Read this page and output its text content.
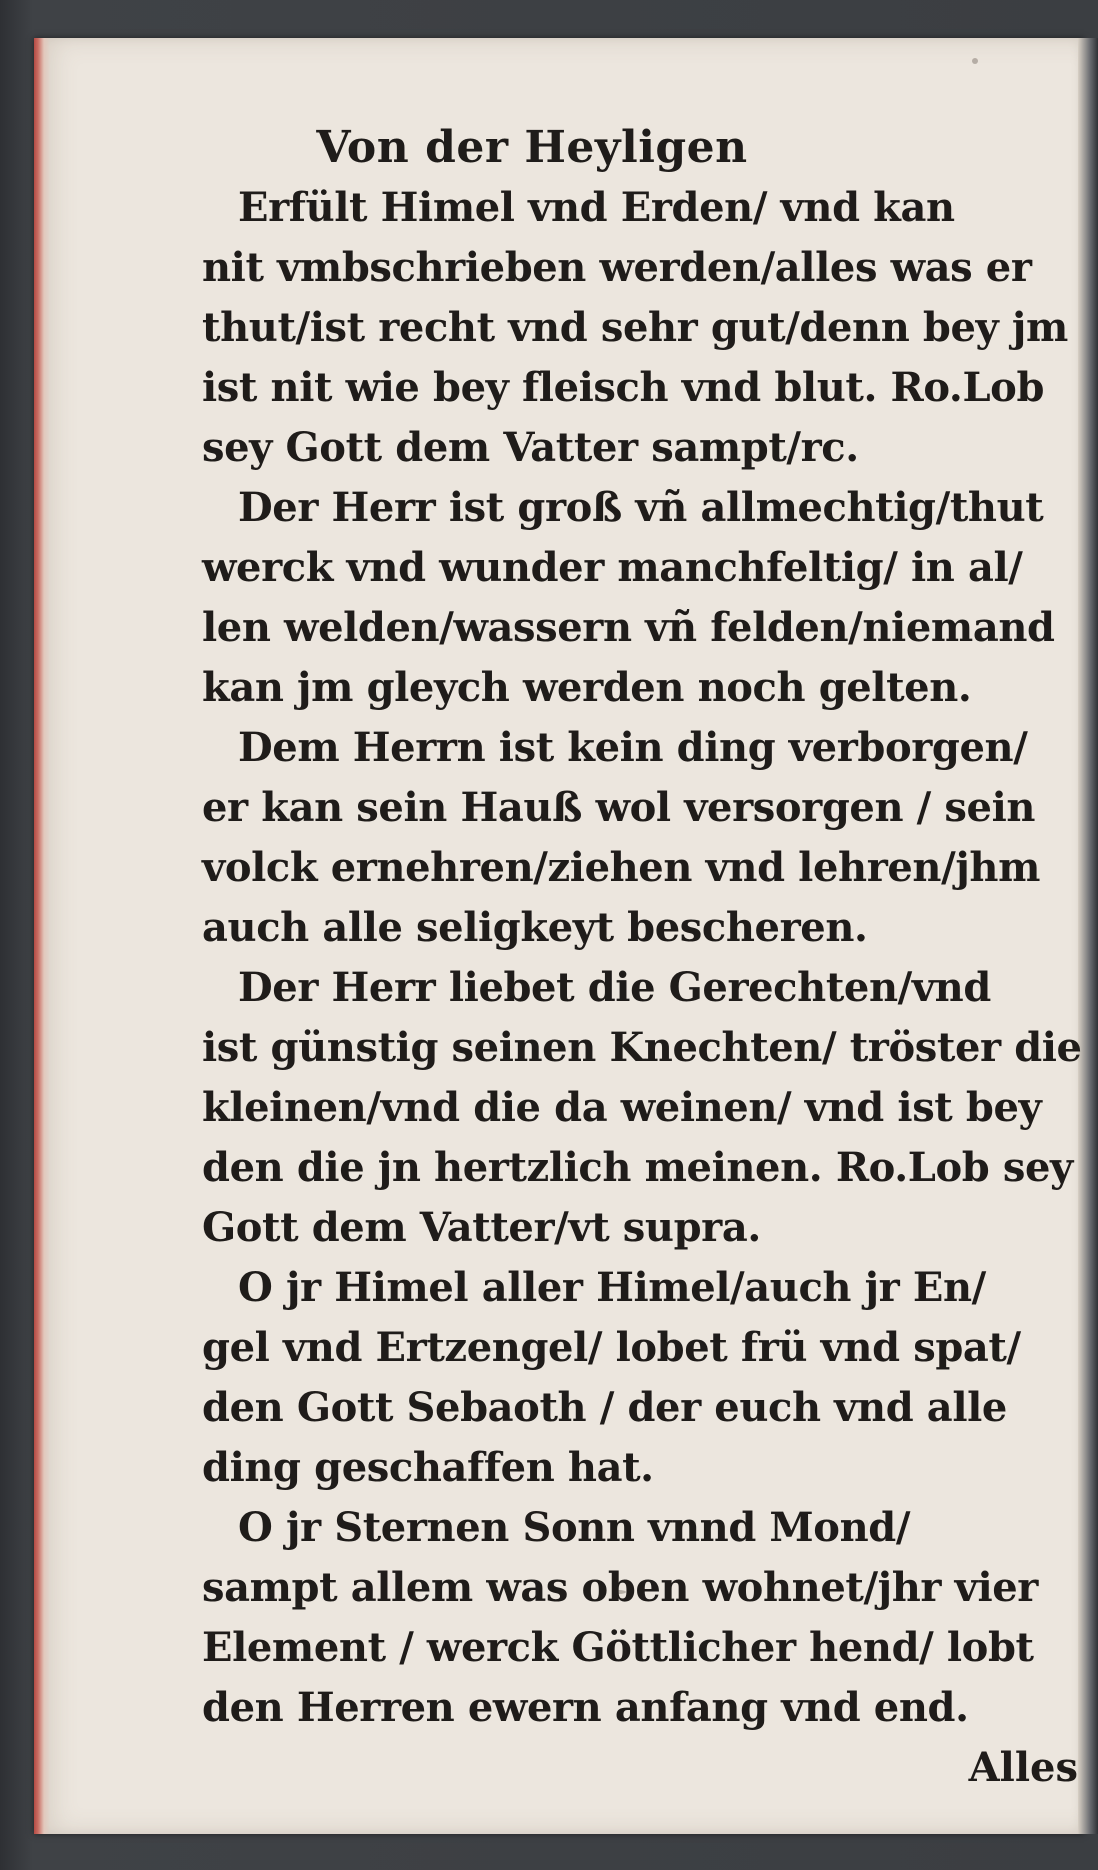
Von der Heyligen
Erfült Himel vnd Erden/ vnd kan
nit vmbschrieben werden/alles was er
thut/ist recht vnd sehr gut/denn bey jm
ist nit wie bey fleisch vnd blut. Ro.Lob
sey Gott dem Vatter sampt/rc.
Der Herr ist groß vñ allmechtig/thut
werck vnd wunder manchfeltig/ in al/
len welden/wassern vñ felden/niemand
kan jm gleych werden noch gelten.
Dem Herrn ist kein ding verborgen/
er kan sein Hauß wol versorgen / sein
volck ernehren/ziehen vnd lehren/jhm
auch alle seligkeyt bescheren.
Der Herr liebet die Gerechten/vnd
ist günstig seinen Knechten/ tröster die
kleinen/vnd die da weinen/ vnd ist bey
den die jn hertzlich meinen. Ro.Lob sey
Gott dem Vatter/vt supra.
O jr Himel aller Himel/auch jr En/
gel vnd Ertzengel/ lobet frü vnd spat/
den Gott Sebaoth / der euch vnd alle
ding geschaffen hat.
O jr Sternen Sonn vnnd Mond/
sampt allem was oben wohnet/jhr vier
Element / werck Göttlicher hend/ lobt
den Herren ewern anfang vnd end.
Alles
